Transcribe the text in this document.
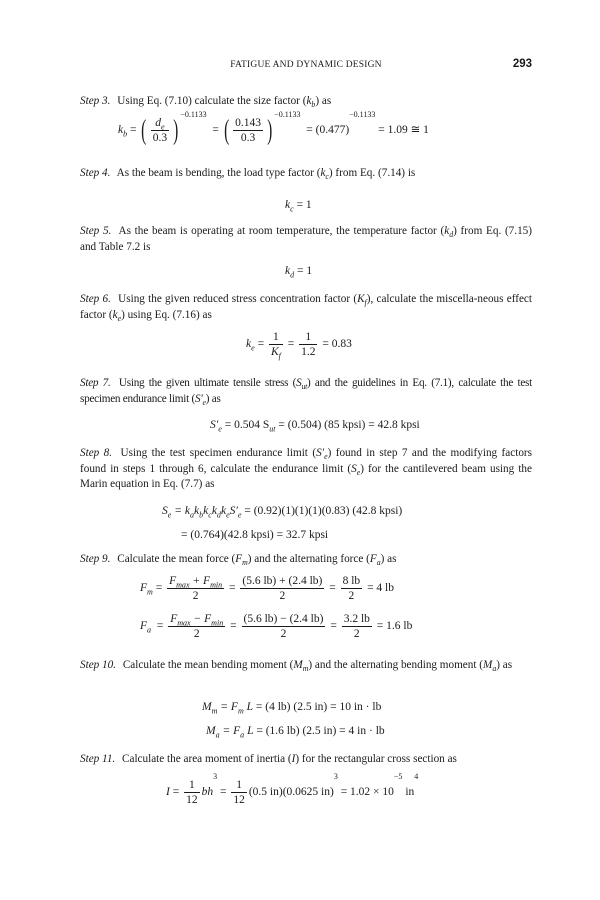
FATIGUE AND DYNAMIC DESIGN	293
Step 3. Using Eq. (7.10) calculate the size factor $(k_b)$ as
$k_b$ = ( $\frac{d_e}{0.3}$ ) $^{-0.1133}$  = ( $\frac{0.143}{0.3}$ ) $^{-0.1133} = (0.477)^{-0.1133} = 1.09$ ≅ 1
Step 4. As the beam is bending, the load type factor $(k_c)$ from Eq. (7.14) is
$k_c = 1$
Step 5. As the beam is operating at room temperature, the temperature factor $(k_d)$ from Eq. (7.15) and Table 7.2 is
$k_d = 1$
Step 6. Using the given reduced stress concentration factor $(K_f)$, calculate the miscella-neous effect factor $(k_e)$ using Eq. (7.16) as
$k_e = \frac{1}{K_f} = \frac{1}{1.2} = 0.83$
Step 7. Using the given ultimate tensile stress $(S_{ut})$ and the guidelines in Eq. (7.1), calculate the test specimen endurance limit $(S'_e)$ as
$S'_e = 0.504$ $S_{ut} = (0.504)$ (85 kpsi) = 42.8 kpsi
Step 8. Using the test specimen endurance limit $(S'_e)$ found in step 7 and the modifying factors found in steps 1 through 6, calculate the endurance limit $(S_e)$ for the cantilevered beam using the Marin equation in Eq. (7.7) as
$S_e = k_ak_bk_ck_dk_eS'_e = (0.92)(1)(1)(1)(0.83)$ (42.8 kpsi)
= (0.764)(42.8 kpsi) = 32.7 kpsi
Step 9. Calculate the mean force $(F_m)$ and the alternating force $(F_a)$ as
$F_m = \frac{F_{max} + F_{min}}{2} = \frac{(5.6 lb) + (2.4 lb)}{2} = \frac{8 lb}{2} = 4$ lb
$F_a = \frac{F_{max} - F_{min}}{2} = \frac{(5.6 lb) - (2.4 lb)}{2} = \frac{3.2 lb}{2} = 1.6$ lb
Step 10. Calculate the mean bending moment $(M_m)$ and the alternating bending moment $(M_a)$ as
$M_m = F_m$ L = (4 lb) (2.5 in) = 10 in · lb
$M_a = F_a$ L = (1.6 lb) (2.5 in) = 4 in · lb
Step 11. Calculate the area moment of inertia (I) for the rectangular cross section as
$I = \frac{1}{12} bh^3 = \frac{1}{12} (0.5$ in)(0.0625 $in)^3 = 1.02 \times 10^{-5}$ $in^4$
